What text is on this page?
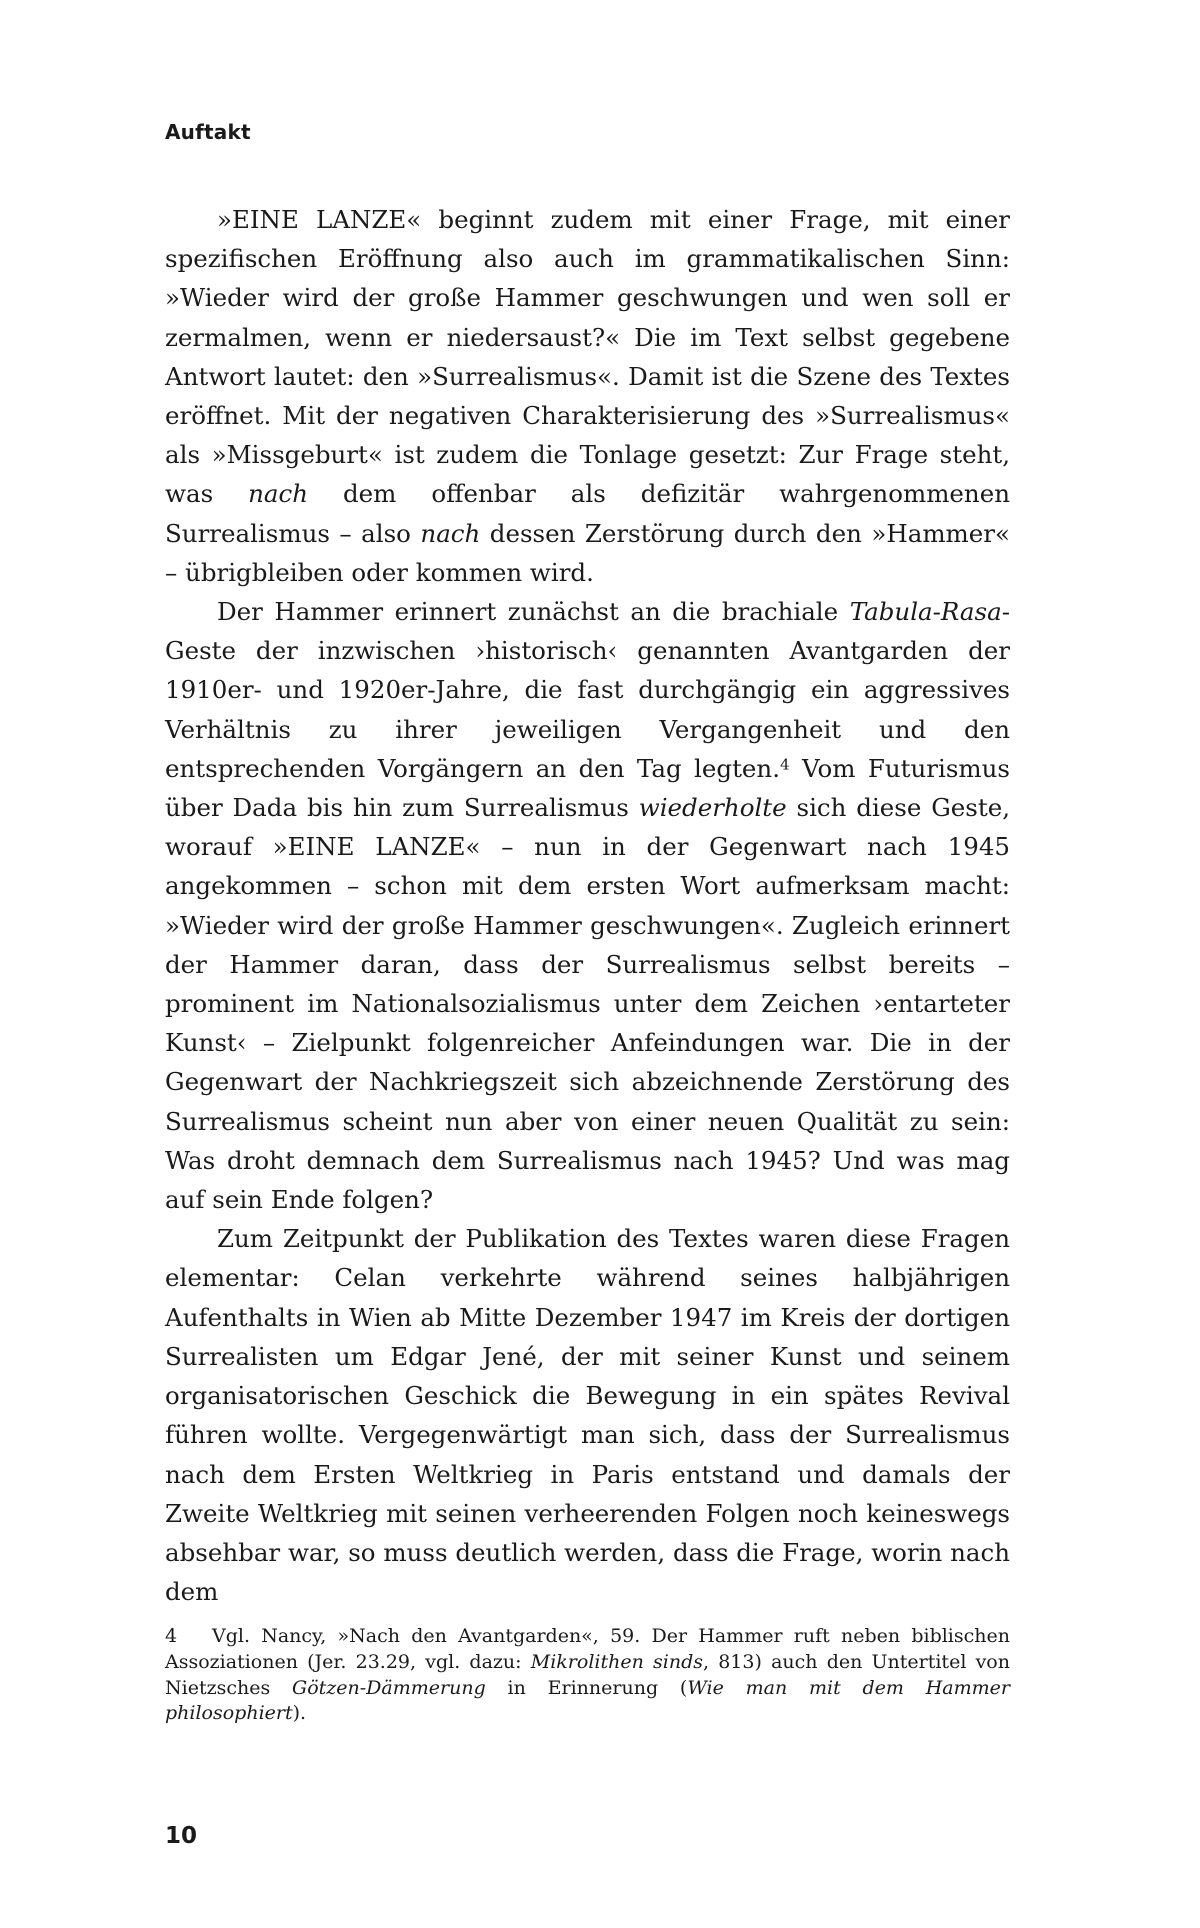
Auftakt

»EINE LANZE« beginnt zudem mit einer Frage, mit einer spezifischen Eröffnung also auch im grammatikalischen Sinn: »Wieder wird der große Hammer geschwungen und wen soll er zermalmen, wenn er niedersaust?« Die im Text selbst gegebene Antwort lautet: den »Surrealismus«. Damit ist die Szene des Textes eröffnet. Mit der negativen Charakterisierung des »Surrealismus« als »Missgeburt« ist zudem die Tonlage gesetzt: Zur Frage steht, was nach dem offenbar als defizitär wahrgenommenen Surrealismus – also nach dessen Zerstörung durch den »Hammer« – übrigbleiben oder kommen wird.

Der Hammer erinnert zunächst an die brachiale Tabula-Rasa-Geste der inzwischen ›historisch‹ genannten Avantgarden der 1910er- und 1920er-Jahre, die fast durchgängig ein aggressives Verhältnis zu ihrer jeweiligen Vergangenheit und den entsprechenden Vorgängern an den Tag legten.$^4$ Vom Futurismus über Dada bis hin zum Surrealismus wiederholte sich diese Geste, worauf »EINE LANZE« – nun in der Gegenwart nach 1945 angekommen – schon mit dem ersten Wort aufmerksam macht: »Wieder wird der große Hammer geschwungen«. Zugleich erinnert der Hammer daran, dass der Surrealismus selbst bereits – prominent im Nationalsozialismus unter dem Zeichen ›entarteter Kunst‹ – Zielpunkt folgenreicher Anfeindungen war. Die in der Gegenwart der Nachkriegszeit sich abzeichnende Zerstörung des Surrealismus scheint nun aber von einer neuen Qualität zu sein: Was droht demnach dem Surrealismus nach 1945? Und was mag auf sein Ende folgen?

Zum Zeitpunkt der Publikation des Textes waren diese Fragen elementar: Celan verkehrte während seines halbjährigen Aufenthalts in Wien ab Mitte Dezember 1947 im Kreis der dortigen Surrealisten um Edgar Jené, der mit seiner Kunst und seinem organisatorischen Geschick die Bewegung in ein spätes Revival führen wollte. Vergegenwärtigt man sich, dass der Surrealismus nach dem Ersten Weltkrieg in Paris entstand und damals der Zweite Weltkrieg mit seinen verheerenden Folgen noch keineswegs absehbar war, so muss deutlich werden, dass die Frage, worin nach dem

4 Vgl. Nancy, »Nach den Avantgarden«, 59. Der Hammer ruft neben biblischen Assoziationen (Jer. 23.29, vgl. dazu: Mikrolithen sinds, 813) auch den Untertitel von Nietzsches Götzen-Dämmerung in Erinnerung (Wie man mit dem Hammer philosophiert).
10
